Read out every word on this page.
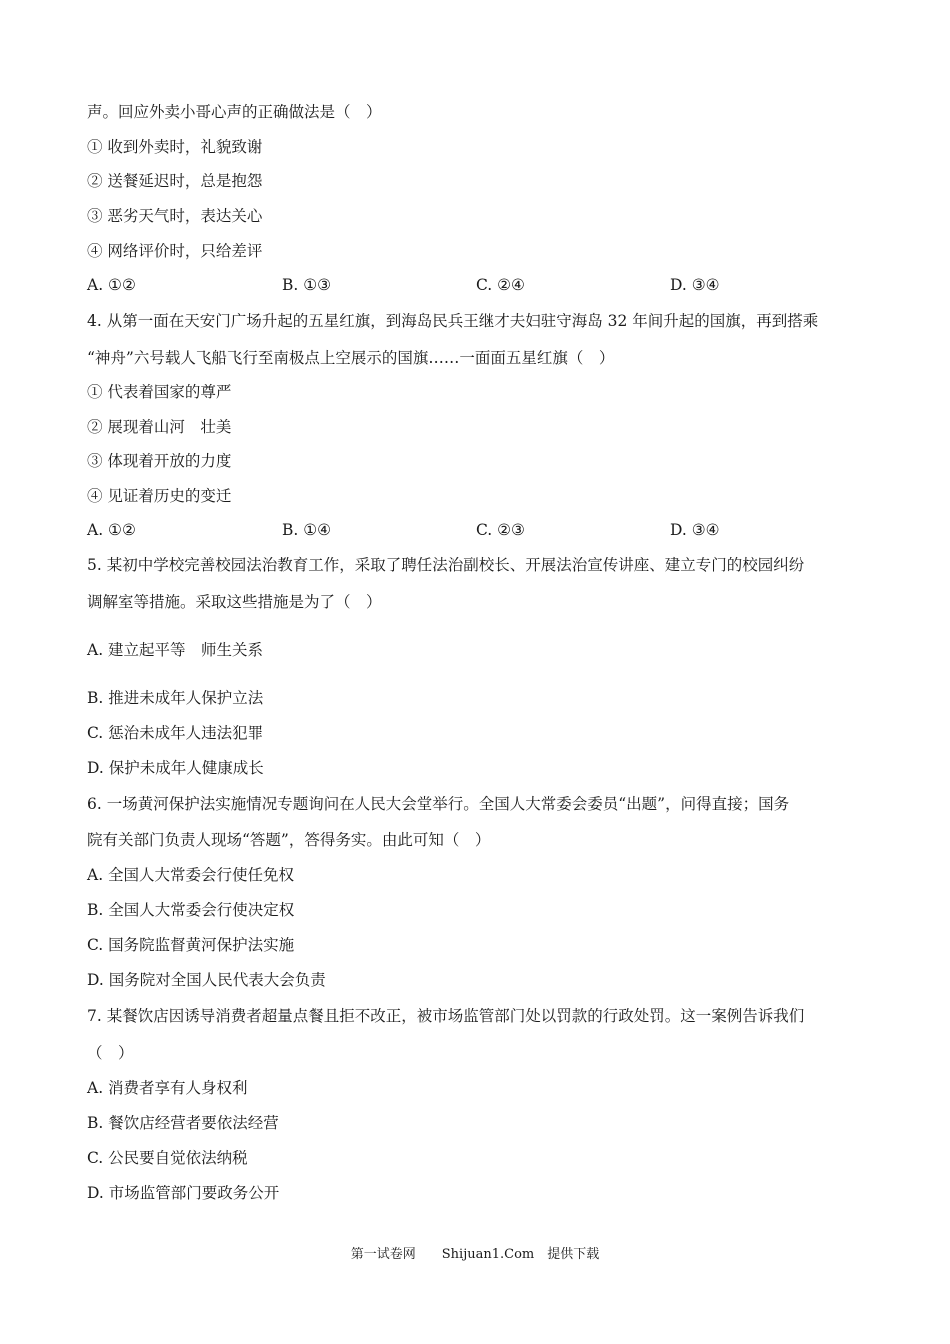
声。回应外卖小哥心声的正确做法是（　）
① 收到外卖时，礼貌致谢
② 送餐延迟时，总是抱怨
③ 恶劣天气时，表达关心
④ 网络评价时，只给差评
A. ①②	B. ①③	C. ②④	D. ③④
4. 从第一面在天安门广场升起的五星红旗，到海岛民兵王继才夫妇驻守海岛 32 年间升起的国旗，再到搭乘
“神舟”六号载人飞船飞行至南极点上空展示的国旗……一面面五星红旗（　）
① 代表着国家的尊严
② 展现着山河　壮美
③ 体现着开放的力度
④ 见证着历史的变迁
A. ①②	B. ①④	C. ②③	D. ③④
5. 某初中学校完善校园法治教育工作，采取了聘任法治副校长、开展法治宣传讲座、建立专门的校园纠纷
调解室等措施。采取这些措施是为了（　）
A. 建立起平等　师生关系
B. 推进未成年人保护立法
C. 惩治未成年人违法犯罪
D. 保护未成年人健康成长
6. 一场黄河保护法实施情况专题询问在人民大会堂举行。全国人大常委会委员“出题”，问得直接；国务
院有关部门负责人现场“答题”，答得务实。由此可知（　）
A. 全国人大常委会行使任免权
B. 全国人大常委会行使决定权
C. 国务院监督黄河保护法实施
D. 国务院对全国人民代表大会负责
7. 某餐饮店因诱导消费者超量点餐且拒不改正，被市场监管部门处以罚款的行政处罚。这一案例告诉我们
（　）
A. 消费者享有人身权利
B. 餐饮店经营者要依法经营
C. 公民要自觉依法纳税
D. 市场监管部门要政务公开
第一试卷网　　Shijuan1.Com　提供下载
